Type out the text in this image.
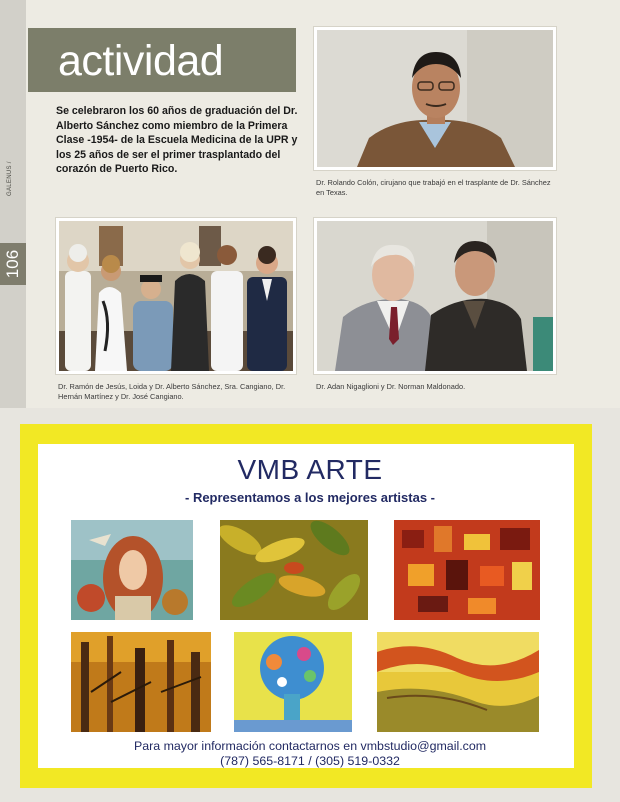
GALENUS /
106
actividad
Se celebraron los 60 años de graduación del Dr. Alberto Sánchez como miembro de la Primera Clase -1954- de la Escuela Medicina de la UPR y los 25 años de ser el primer trasplantado del corazón de Puerto Rico.
Dr. Rolando Colón, cirujano que trabajó en el trasplante de Dr. Sánchez en Texas.
Dr. Ramón de Jesús, Loida y Dr. Alberto Sánchez, Sra. Cangiano, Dr. Hernán Martínez y Dr. José Cangiano.
Dr. Adan Nigaglioni y Dr. Norman Maldonado.
VMB ARTE
- Representamos a los mejores artistas -
Para mayor información contactarnos en vmbstudio@gmail.com
(787) 565-8171 / (305) 519-0332
